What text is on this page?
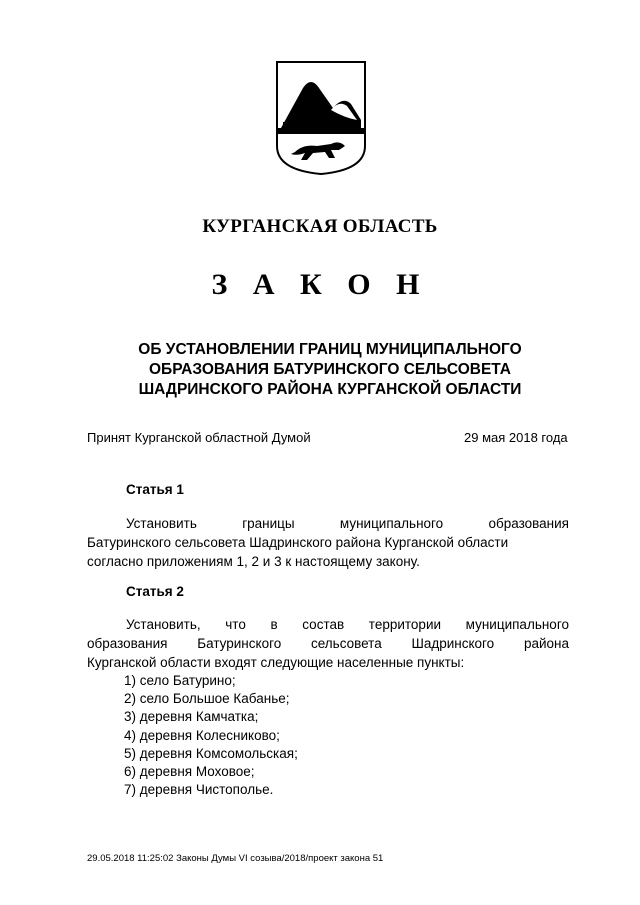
КУРГАНСКАЯ ОБЛАСТЬ
З А К О Н
ОБ УСТАНОВЛЕНИИ ГРАНИЦ МУНИЦИПАЛЬНОГО
ОБРАЗОВАНИЯ БАТУРИНСКОГО СЕЛЬСОВЕТА
ШАДРИНСКОГО РАЙОНА КУРГАНСКОЙ ОБЛАСТИ
Принят Курганской областной Думой	29 мая 2018 года
Статья 1
Установить	границы	муниципального	образования
Батуринского сельсовета Шадринского района Курганской области
согласно приложениям 1, 2 и 3 к настоящему закону.
Статья 2
Установить, что в состав территории муниципального
образования Батуринского сельсовета Шадринского района
Курганской области входят следующие населенные пункты:
1) село Батурино;
2) село Большое Кабанье;
3) деревня Камчатка;
4) деревня Колесниково;
5) деревня Комсомольская;
6) деревня Моховое;
7) деревня Чистополье.
29.05.2018 11:25:02 Законы Думы VI созыва/2018/проект закона 51
